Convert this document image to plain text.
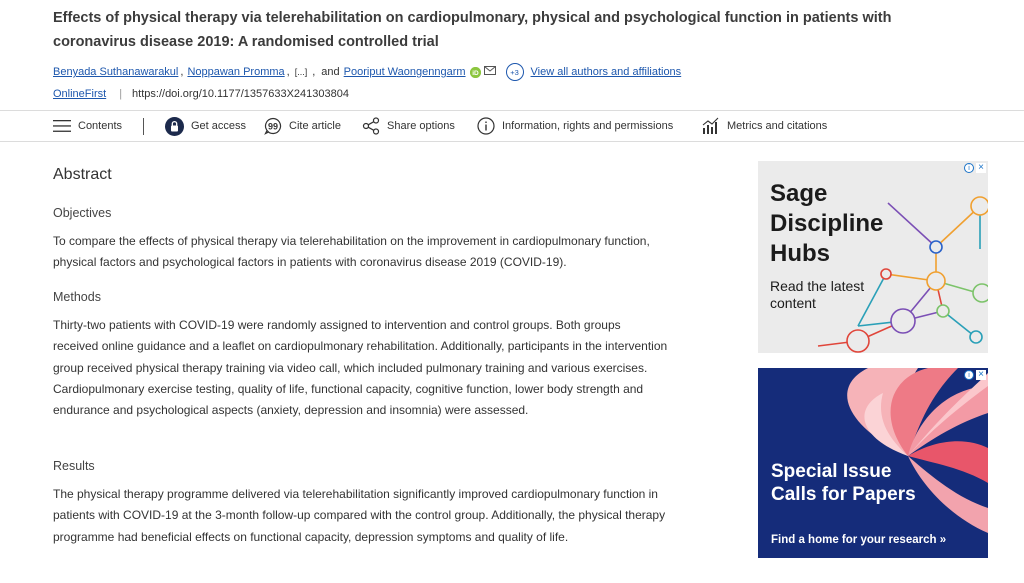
Effects of physical therapy via telerehabilitation on cardiopulmonary, physical and psychological function in patients with coronavirus disease 2019: A randomised controlled trial
Benyada Suthanawarakul , Noppawan Promma , [...] , and Pooriput Waongenngarm iD	+3	View all authors and affiliations
OnlineFirst | https://doi.org/10.1177/1357633X241303804
Contents	Get access 99 Cite article	Share options	Information, rights and permissions	Metrics and citations
Abstract
Objectives
To compare the effects of physical therapy via telerehabilitation on the improvement in cardiopulmonary function, physical factors and psychological factors in patients with coronavirus disease 2019 (COVID-19).
Methods
Thirty-two patients with COVID-19 were randomly assigned to intervention and control groups. Both groups received online guidance and a leaflet on cardiopulmonary rehabilitation. Additionally, participants in the intervention group received physical therapy training via video call, which included pulmonary training and various exercises. Cardiopulmonary exercise testing, quality of life, functional capacity, cognitive function, lower body strength and endurance and psychological aspects (anxiety, depression and insomnia) were assessed.
Results
The physical therapy programme delivered via telerehabilitation significantly improved cardiopulmonary function in patients with COVID-19 at the 3-month follow-up compared with the control group. Additionally, the physical therapy programme had beneficial effects on functional capacity, depression symptoms and quality of life.
Sage Discipline Hubs
Read the latest content
i ×
Special Issue Calls for Papers
Find a home for your research »
i ×
